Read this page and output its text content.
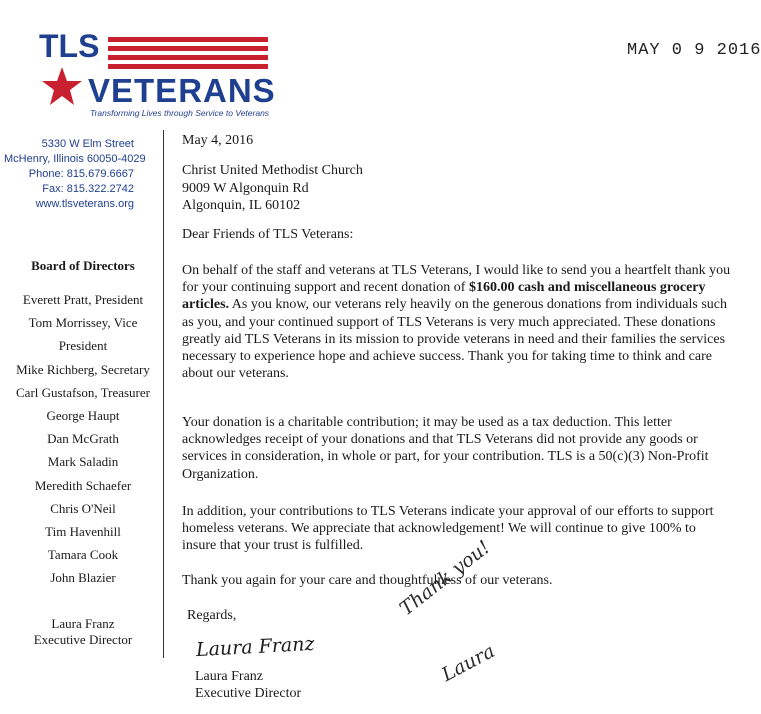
TLS
VETERANS
Transforming Lives through Service to Veterans
MAY 0 9 2016
5330 W Elm Street
McHenry, Illinois 60050-4029
Phone: 815.679.6667
Fax: 815.322.2742
www.tlsveterans.org
Board of Directors
Everett Pratt, President
Tom Morrissey, Vice
President
Mike Richberg, Secretary
Carl Gustafson, Treasurer
George Haupt
Dan McGrath
Mark Saladin
Meredith Schaefer
Chris O'Neil
Tim Havenhill
Tamara Cook
John Blazier
Laura Franz
Executive Director
May 4, 2016
Christ United Methodist Church
9009 W Algonquin Rd
Algonquin, IL 60102
Dear Friends of TLS Veterans:
On behalf of the staff and veterans at TLS Veterans, I would like to send you a heartfelt thank you for your continuing support and recent donation of $160.00 cash and miscellaneous grocery articles. As you know, our veterans rely heavily on the generous donations from individuals such as you, and your continued support of TLS Veterans is very much appreciated. These donations greatly aid TLS Veterans in its mission to provide veterans in need and their families the services necessary to experience hope and achieve success. Thank you for taking time to think and care about our veterans.
Your donation is a charitable contribution; it may be used as a tax deduction. This letter acknowledges receipt of your donations and that TLS Veterans did not provide any goods or services in consideration, in whole or part, for your contribution. TLS is a 50(c)(3) Non-Profit Organization.
In addition, your contributions to TLS Veterans indicate your approval of our efforts to support homeless veterans. We appreciate that acknowledgement! We will continue to give 100% to insure that your trust is fulfilled.
Thank you again for your care and thoughtfulness of our veterans.
Regards,
Laura Franz
Laura Franz
Executive Director
Thank you!
Laura
